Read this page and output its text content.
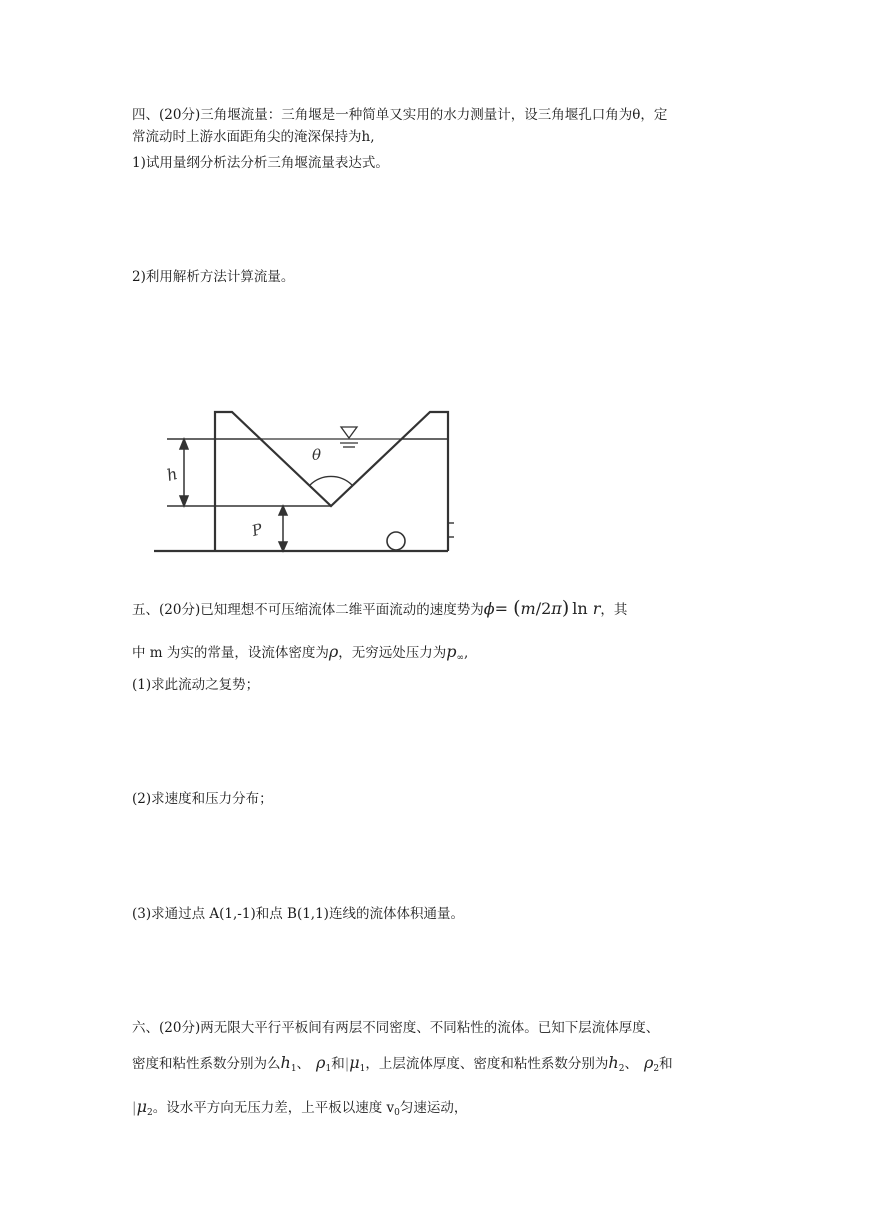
四、(20分)三角堰流量：三角堰是一种简单又实用的水力测量计，设三角堰孔口角为θ，定
常流动时上游水面距角尖的淹深保持为h,
1)试用量纲分析法分析三角堰流量表达式。
2)利用解析方法计算流量。
h
θ
P
五、(20分)已知理想不可压缩流体二维平面流动的速度势为ϕ= (m/2π) ln r，其
中 m 为实的常量，设流体密度为ρ，无穷远处压力为$p_\infty$,
(1)求此流动之复势；
(2)求速度和压力分布；
(3)求通过点 A(1,-1)和点 B(1,1)连线的流体体积通量。
六、(20分)两无限大平行平板间有两层不同密度、不同粘性的流体。已知下层流体厚度、
密度和粘性系数分别为么$h_1$、 $\rho_1$和$|\mu_1$，上层流体厚度、密度和粘性系数分别为$h_2$、 $\rho_2$和
$|\mu_2$。设水平方向无压力差，上平板以速度 $v_0$匀速运动，
